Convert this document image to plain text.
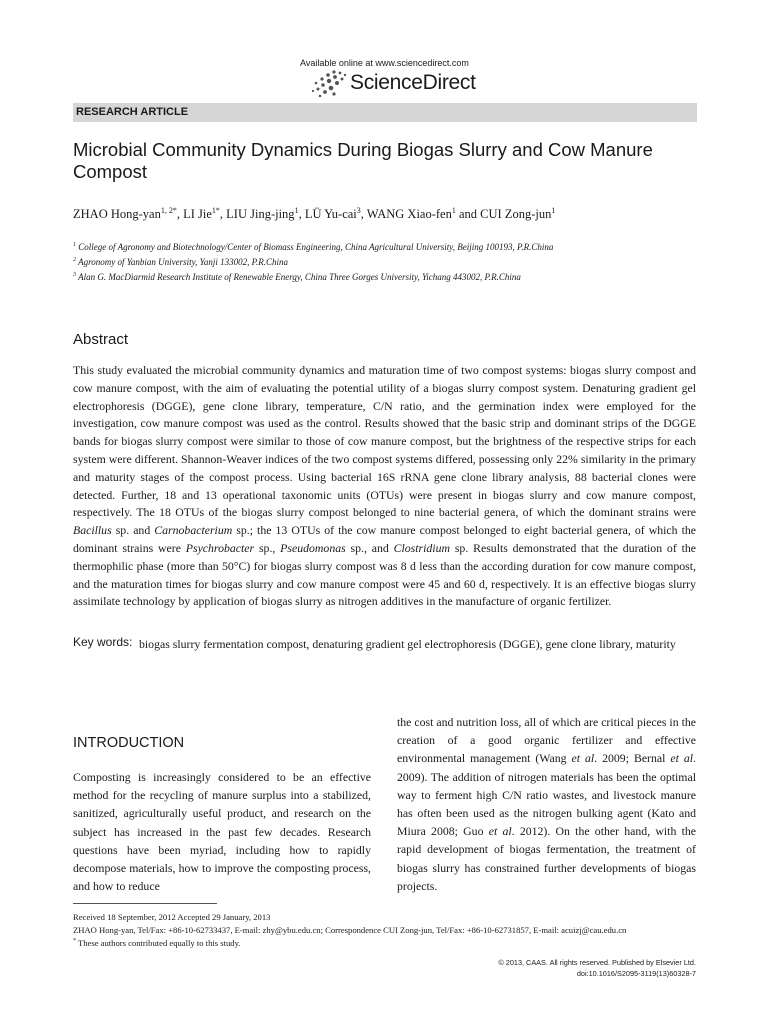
Available online at www.sciencedirect.com
ScienceDirect
RESEARCH ARTICLE
Microbial Community Dynamics During Biogas Slurry and Cow Manure Compost
ZHAO Hong-yan$^{1, 2*}$, LI Jie$^{1*}$, LIU Jing-jing$^1$, LÜ Yu-cai$^3$, WANG Xiao-fen$^1$ and CUI Zong-jun$^1$
$^1$ College of Agronomy and Biotechnology/Center of Biomass Engineering, China Agricultural University, Beijing 100193, P.R.China
$^2$ Agronomy of Yanbian University, Yanji 133002, P.R.China
$^3$ Alan G. MacDiarmid Research Institute of Renewable Energy, China Three Gorges University, Yichang 443002, P.R.China
Abstract
This study evaluated the microbial community dynamics and maturation time of two compost systems: biogas slurry compost and cow manure compost, with the aim of evaluating the potential utility of a biogas slurry compost system. Denaturing gradient gel electrophoresis (DGGE), gene clone library, temperature, C/N ratio, and the germination index were employed for the investigation, cow manure compost was used as the control. Results showed that the basic strip and dominant strips of the DGGE bands for biogas slurry compost were similar to those of cow manure compost, but the brightness of the respective strips for each system were different. Shannon-Weaver indices of the two compost systems differed, possessing only 22% similarity in the primary and maturity stages of the compost process. Using bacterial 16S rRNA gene clone library analysis, 88 bacterial clones were detected. Further, 18 and 13 operational taxonomic units (OTUs) were present in biogas slurry and cow manure compost, respectively. The 18 OTUs of the biogas slurry compost belonged to nine bacterial genera, of which the dominant strains were Bacillus sp. and Carnobacterium sp.; the 13 OTUs of the cow manure compost belonged to eight bacterial genera, of which the dominant strains were Psychrobacter sp., Pseudomonas sp., and Clostridium sp. Results demonstrated that the duration of the thermophilic phase (more than 50°C) for biogas slurry compost was 8 d less than the according duration for cow manure compost, and the maturation times for biogas slurry and cow manure compost were 45 and 60 d, respectively. It is an effective biogas slurry assimilate technology by application of biogas slurry as nitrogen additives in the manufacture of organic fertilizer.
Key words: biogas slurry fermentation compost, denaturing gradient gel electrophoresis (DGGE), gene clone library, maturity
INTRODUCTION
Composting is increasingly considered to be an effective method for the recycling of manure surplus into a stabilized, sanitized, agriculturally useful product, and research on the subject has increased in the past few decades. Research questions have been myriad, including how to rapidly decompose materials, how to improve the composting process, and how to reduce
the cost and nutrition loss, all of which are critical pieces in the creation of a good organic fertilizer and effective environmental management (Wang et al. 2009; Bernal et al. 2009). The addition of nitrogen materials has been the optimal way to ferment high C/N ratio wastes, and livestock manure has often been used as the nitrogen bulking agent (Kato and Miura 2008; Guo et al. 2012). On the other hand, with the rapid development of biogas fermentation, the treatment of biogas slurry has constrained further developments of biogas projects.
Received 18 September, 2012 Accepted 29 January, 2013
ZHAO Hong-yan, Tel/Fax: +86-10-62733437, E-mail: zhy@ybu.edu.cn; Correspondence CUI Zong-jun, Tel/Fax: +86-10-62731857, E-mail: acuizj@cau.edu.cn
* These authors contributed equally to this study.
© 2013, CAAS. All rights reserved. Published by Elsevier Ltd.
doi:10.1016/S2095-3119(13)60328-7
